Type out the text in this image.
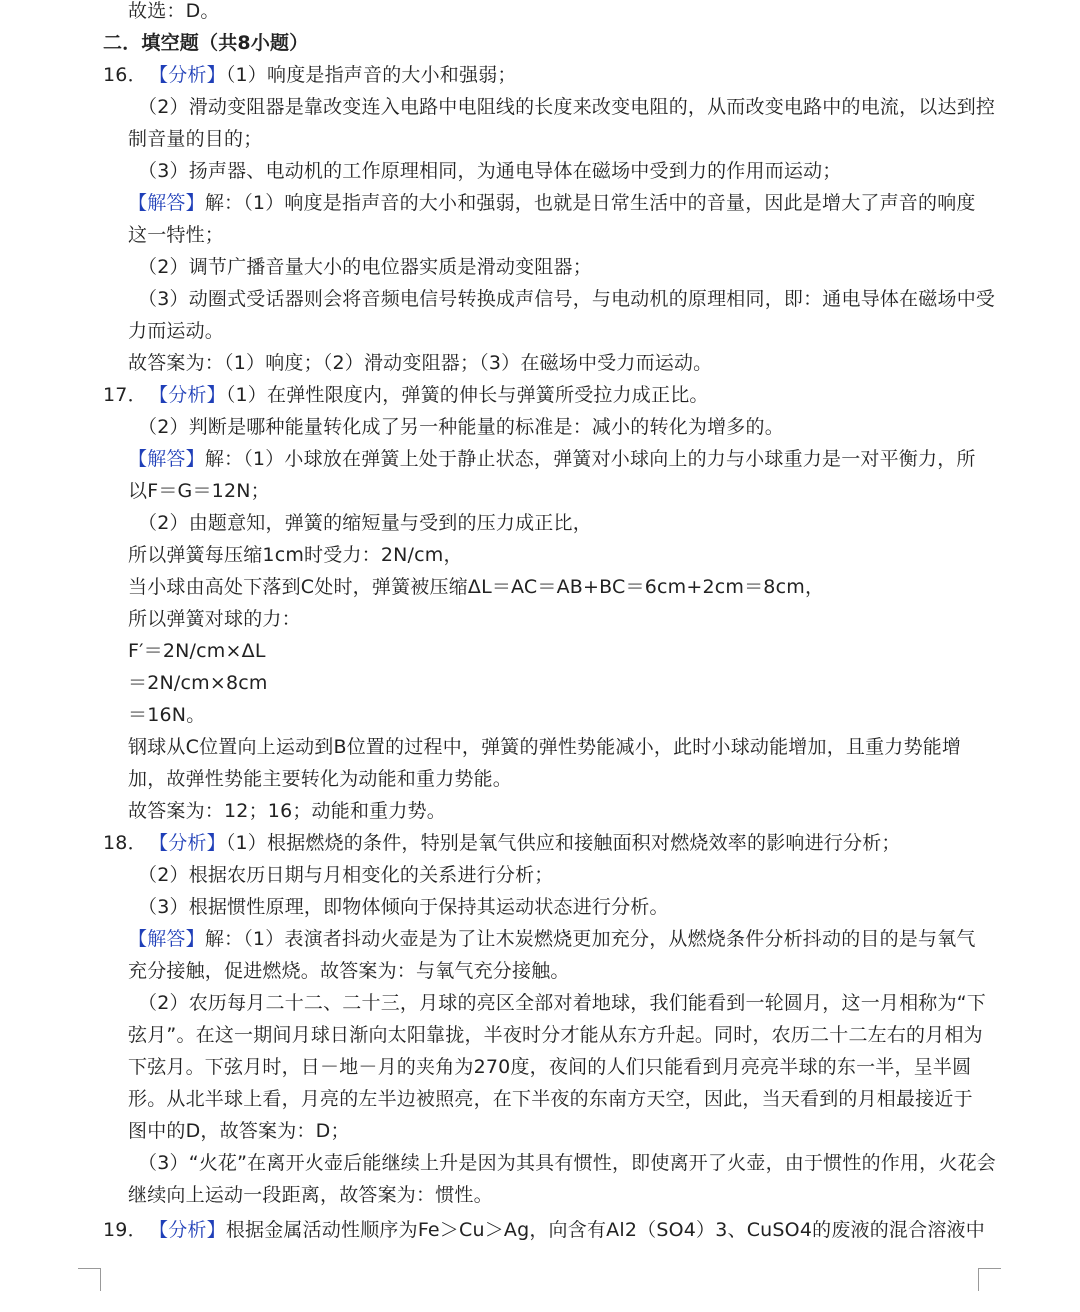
故选：D。
二．填空题（共8小题）
16． 【分析】（1）响度是指声音的大小和强弱；
（2）滑动变阻器是靠改变连入电路中电阻线的长度来改变电阻的，从而改变电路中的电流，以达到控
制音量的目的；
（3）扬声器、电动机的工作原理相同，为通电导体在磁场中受到力的作用而运动；
【解答】解：（1）响度是指声音的大小和强弱，也就是日常生活中的音量，因此是增大了声音的响度
这一特性；
（2）调节广播音量大小的电位器实质是滑动变阻器；
（3）动圈式受话器则会将音频电信号转换成声信号，与电动机的原理相同，即：通电导体在磁场中受
力而运动。
故答案为：（1）响度；（2）滑动变阻器；（3）在磁场中受力而运动。
17． 【分析】（1）在弹性限度内，弹簧的伸长与弹簧所受拉力成正比。
（2）判断是哪种能量转化成了另一种能量的标准是：减小的转化为增多的。
【解答】解：（1）小球放在弹簧上处于静止状态，弹簧对小球向上的力与小球重力是一对平衡力，所
以F＝G＝12N；
（2）由题意知，弹簧的缩短量与受到的压力成正比，
所以弹簧每压缩1cm时受力：2N/cm，
当小球由高处下落到C处时，弹簧被压缩ΔL＝AC＝AB+BC＝6cm+2cm＝8cm，
所以弹簧对球的力：
F′＝2N/cm×ΔL
＝2N/cm×8cm
＝16N。
钢球从C位置向上运动到B位置的过程中，弹簧的弹性势能减小，此时小球动能增加，且重力势能增
加，故弹性势能主要转化为动能和重力势能。
故答案为：12；16；动能和重力势。
18． 【分析】（1）根据燃烧的条件，特别是氧气供应和接触面积对燃烧效率的影响进行分析；
（2）根据农历日期与月相变化的关系进行分析；
（3）根据惯性原理，即物体倾向于保持其运动状态进行分析。
【解答】解：（1）表演者抖动火壶是为了让木炭燃烧更加充分，从燃烧条件分析抖动的目的是与氧气
充分接触，促进燃烧。故答案为：与氧气充分接触。
（2）农历每月二十二、二十三，月球的亮区全部对着地球，我们能看到一轮圆月，这一月相称为“下
弦月”。在这一期间月球日渐向太阳靠拢，半夜时分才能从东方升起。同时，农历二十二左右的月相为
下弦月。下弦月时，日－地－月的夹角为270度，夜间的人们只能看到月亮亮半球的东一半，呈半圆
形。从北半球上看，月亮的左半边被照亮，在下半夜的东南方天空，因此，当天看到的月相最接近于
图中的D，故答案为：D；
（3）“火花”在离开火壶后能继续上升是因为其具有惯性，即使离开了火壶，由于惯性的作用，火花会
继续向上运动一段距离，故答案为：惯性。
19． 【分析】根据金属活动性顺序为Fe＞Cu＞Ag，向含有Al2（SO4）3、CuSO4的废液的混合溶液中
